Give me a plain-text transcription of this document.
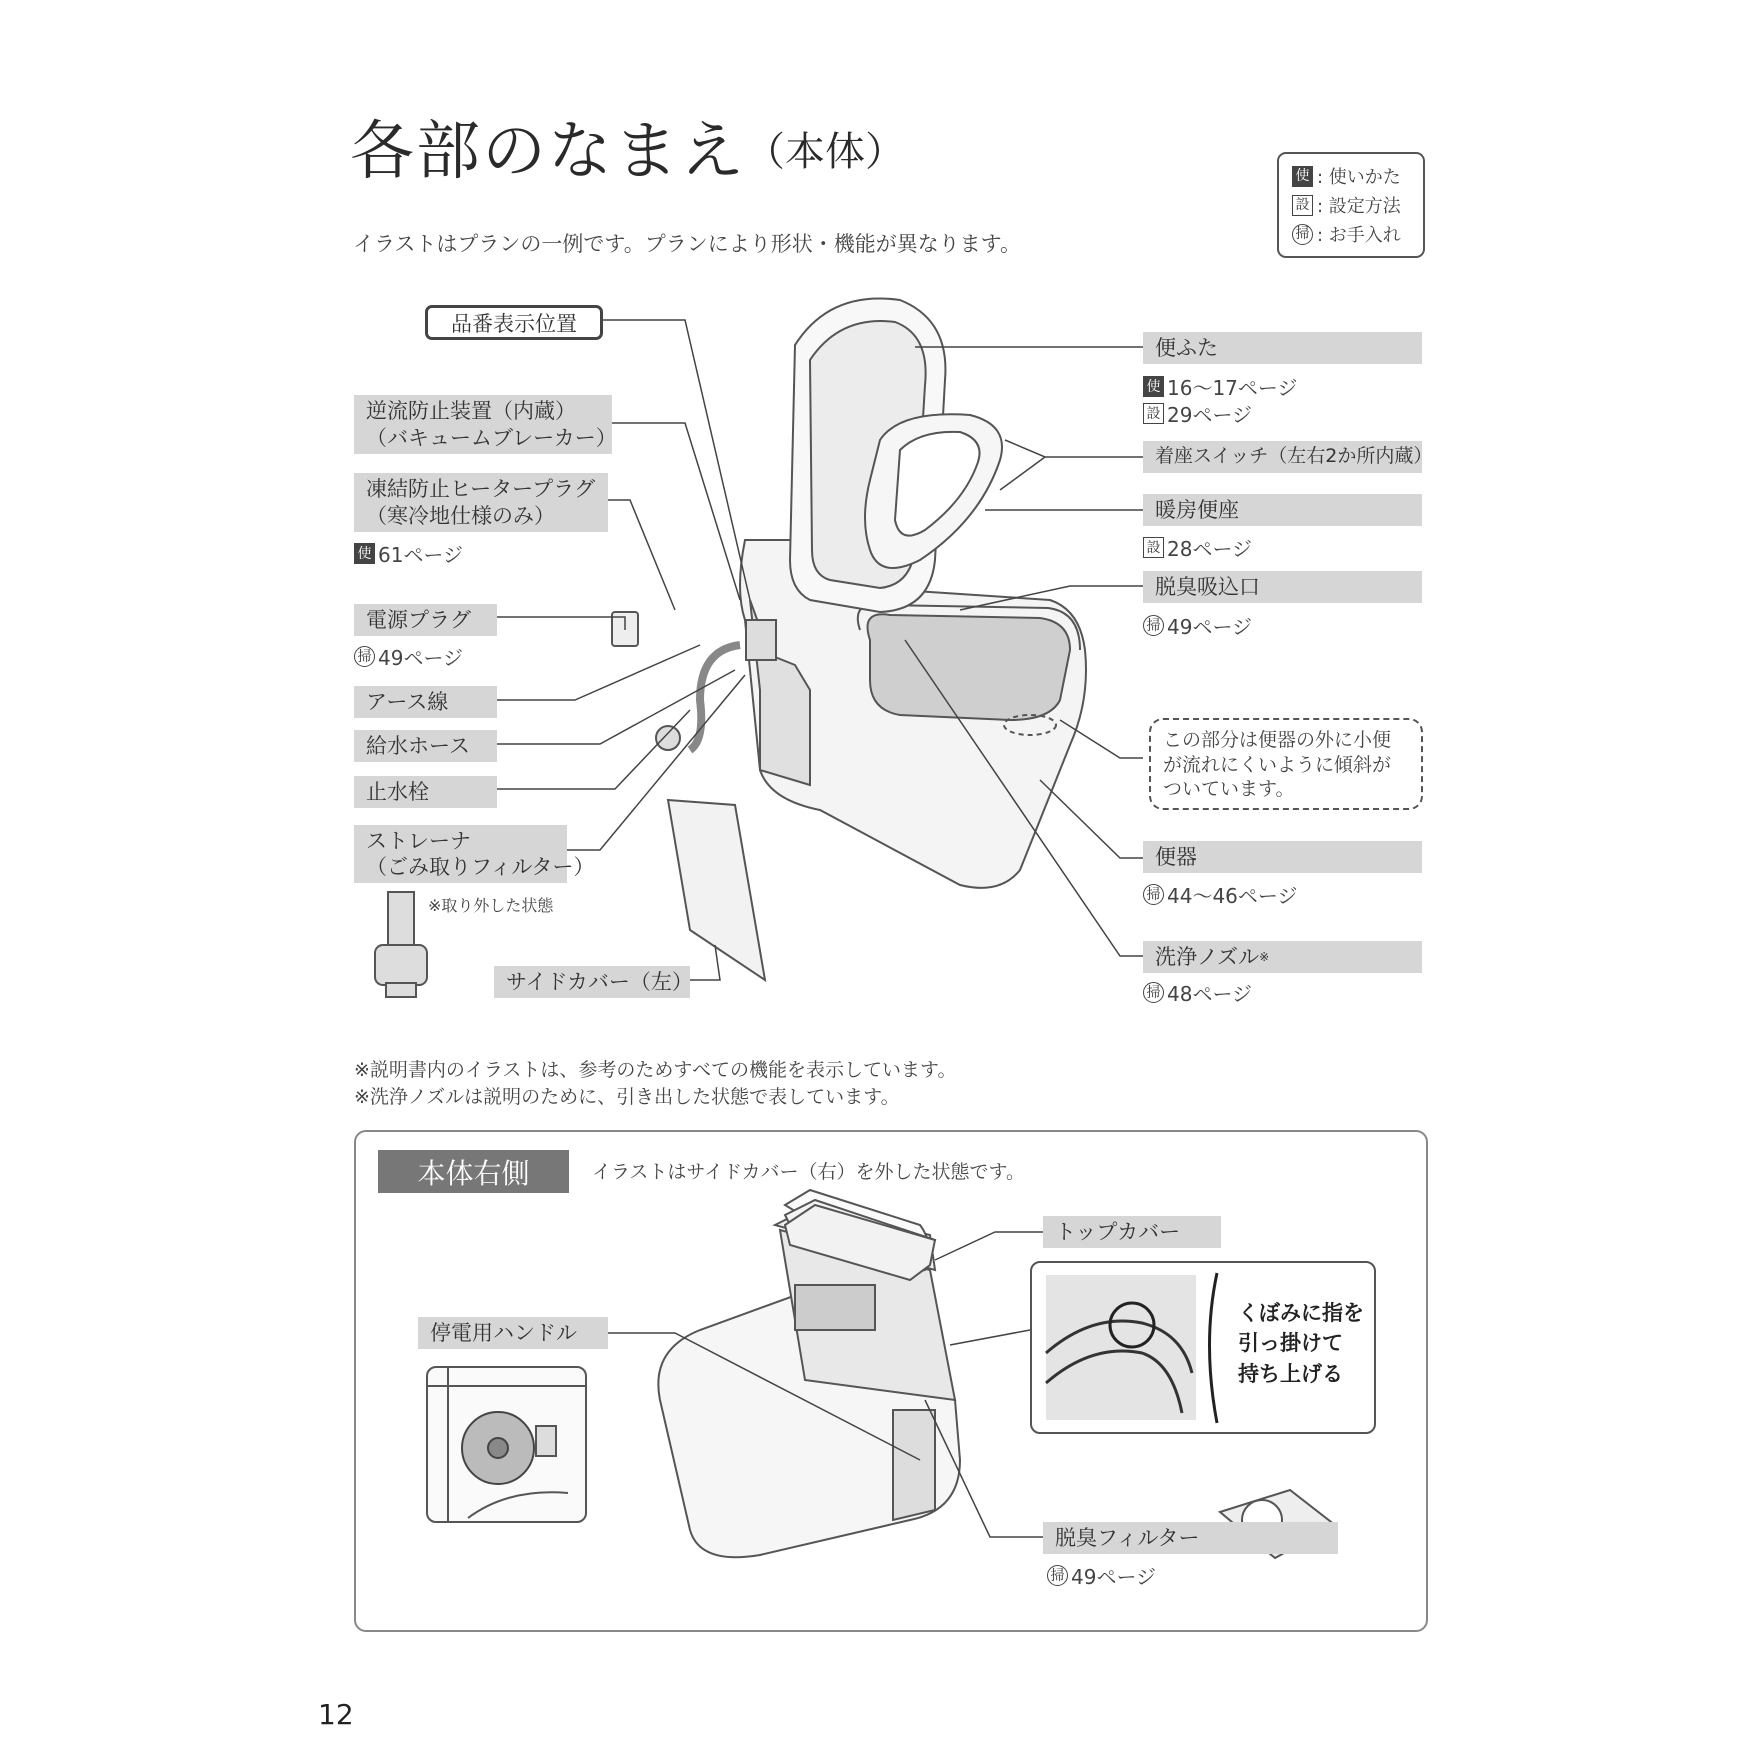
各部のなまえ （本体）
イラストはプランの一例です。プランにより形状・機能が異なります。
使 : 使いかた
設 : 設定方法
掃 : お手入れ
品番表示位置
逆流防止装置（内蔵）
（バキュームブレーカー）
凍結防止ヒータープラグ
（寒冷地仕様のみ）
使 61ページ
電源プラグ
掃 49ページ
アース線
給水ホース
止水栓
ストレーナ
（ごみ取りフィルター）
※取り外した状態
サイドカバー（左）
便ふた
使 16〜17ページ
設 29ページ
着座スイッチ（左右2か所内蔵）
暖房便座
設 28ページ
脱臭吸込口
掃 49ページ
この部分は便器の外に小便が流れにくいように傾斜がついています。
便器
掃 44〜46ページ
洗浄ノズル ※
掃 48ページ
※説明書内のイラストは、参考のためすべての機能を表示しています。
※洗浄ノズルは説明のために、引き出した状態で表しています。
本体右側	イラストはサイドカバー（右）を外した状態です。
トップカバー
くぼみに指を
引っ掛けて
持ち上げる
停電用ハンドル
脱臭フィルター
掃 49ページ
12
